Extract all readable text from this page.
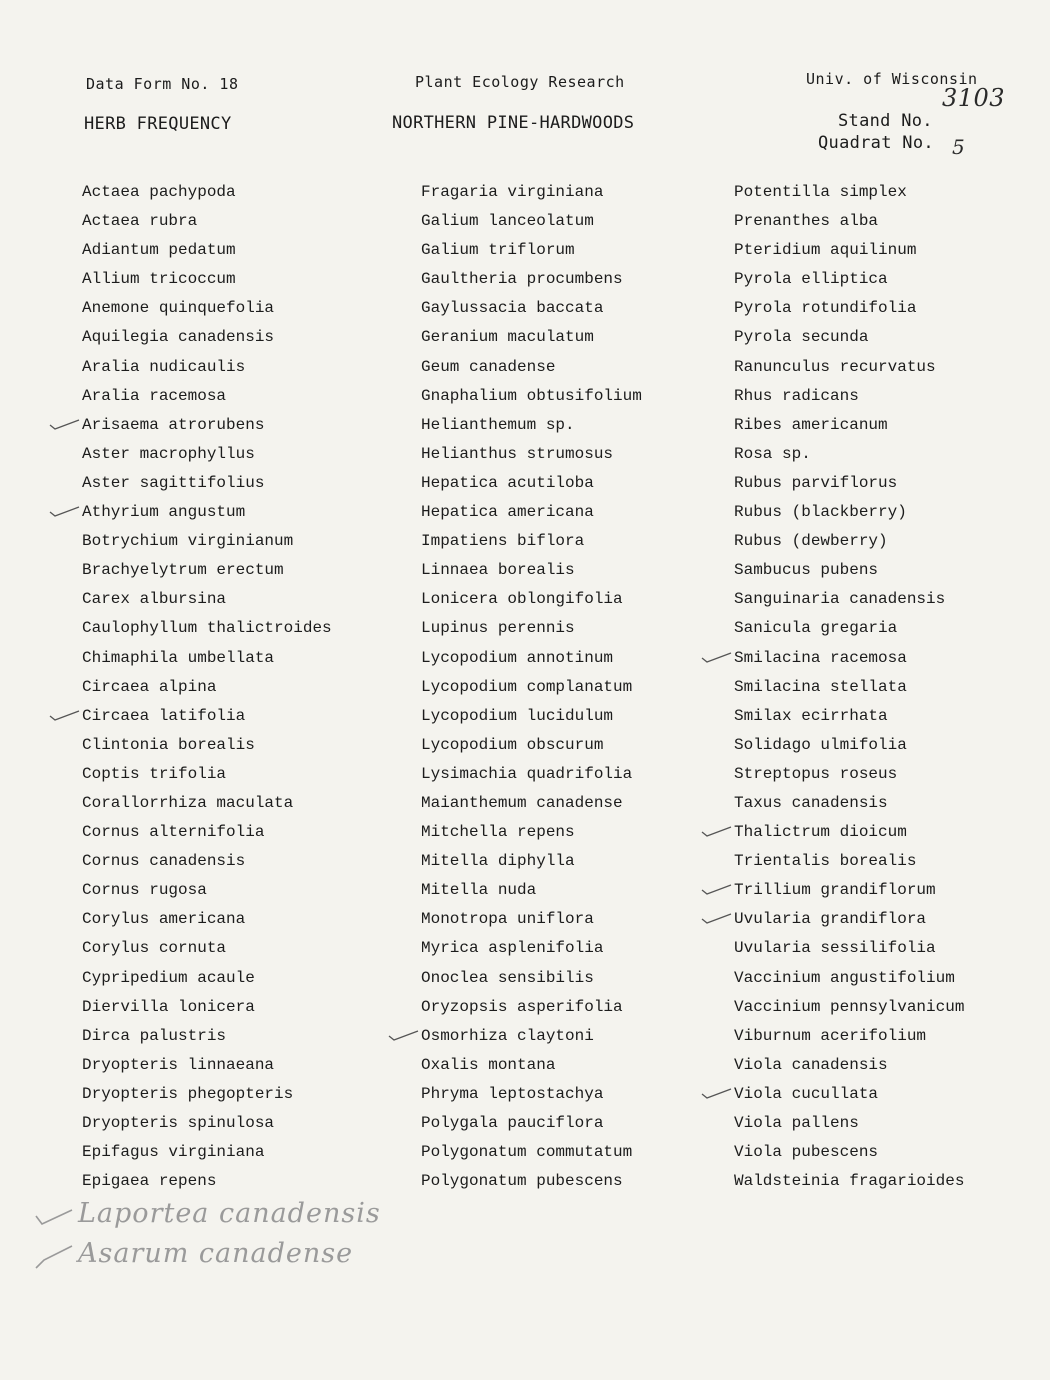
Data Form No. 18	Plant Ecology Research	Univ. of Wisconsin
HERB FREQUENCY	NORTHERN PINE-HARDWOODS
3103
Stand No.
Quadrat No. 5
Actaea pachypoda
Actaea rubra
Adiantum pedatum
Allium tricoccum
Anemone quinquefolia
Aquilegia canadensis
Aralia nudicaulis
Aralia racemosa
Arisaema atrorubens
Aster macrophyllus
Aster sagittifolius
Athyrium angustum
Botrychium virginianum
Brachyelytrum erectum
Carex albursina
Caulophyllum thalictroides
Chimaphila umbellata
Circaea alpina
Circaea latifolia
Clintonia borealis
Coptis trifolia
Corallorrhiza maculata
Cornus alternifolia
Cornus canadensis
Cornus rugosa
Corylus americana
Corylus cornuta
Cypripedium acaule
Diervilla lonicera
Dirca palustris
Dryopteris linnaeana
Dryopteris phegopteris
Dryopteris spinulosa
Epifagus virginiana
Epigaea repens
Fragaria virginiana
Galium lanceolatum
Galium triflorum
Gaultheria procumbens
Gaylussacia baccata
Geranium maculatum
Geum canadense
Gnaphalium obtusifolium
Helianthemum sp.
Helianthus strumosus
Hepatica acutiloba
Hepatica americana
Impatiens biflora
Linnaea borealis
Lonicera oblongifolia
Lupinus perennis
Lycopodium annotinum
Lycopodium complanatum
Lycopodium lucidulum
Lycopodium obscurum
Lysimachia quadrifolia
Maianthemum canadense
Mitchella repens
Mitella diphylla
Mitella nuda
Monotropa uniflora
Myrica asplenifolia
Onoclea sensibilis
Oryzopsis asperifolia
Osmorhiza claytoni
Oxalis montana
Phryma leptostachya
Polygala pauciflora
Polygonatum commutatum
Polygonatum pubescens
Potentilla simplex
Prenanthes alba
Pteridium aquilinum
Pyrola elliptica
Pyrola rotundifolia
Pyrola secunda
Ranunculus recurvatus
Rhus radicans
Ribes americanum
Rosa sp.
Rubus parviflorus
Rubus (blackberry)
Rubus (dewberry)
Sambucus pubens
Sanguinaria canadensis
Sanicula gregaria
Smilacina racemosa
Smilacina stellata
Smilax ecirrhata
Solidago ulmifolia
Streptopus roseus
Taxus canadensis
Thalictrum dioicum
Trientalis borealis
Trillium grandiflorum
Uvularia grandiflora
Uvularia sessilifolia
Vaccinium angustifolium
Vaccinium pennsylvanicum
Viburnum acerifolium
Viola canadensis
Viola cucullata
Viola pallens
Viola pubescens
Waldsteinia fragarioides
Laportea canadensis
Asarum canadense
